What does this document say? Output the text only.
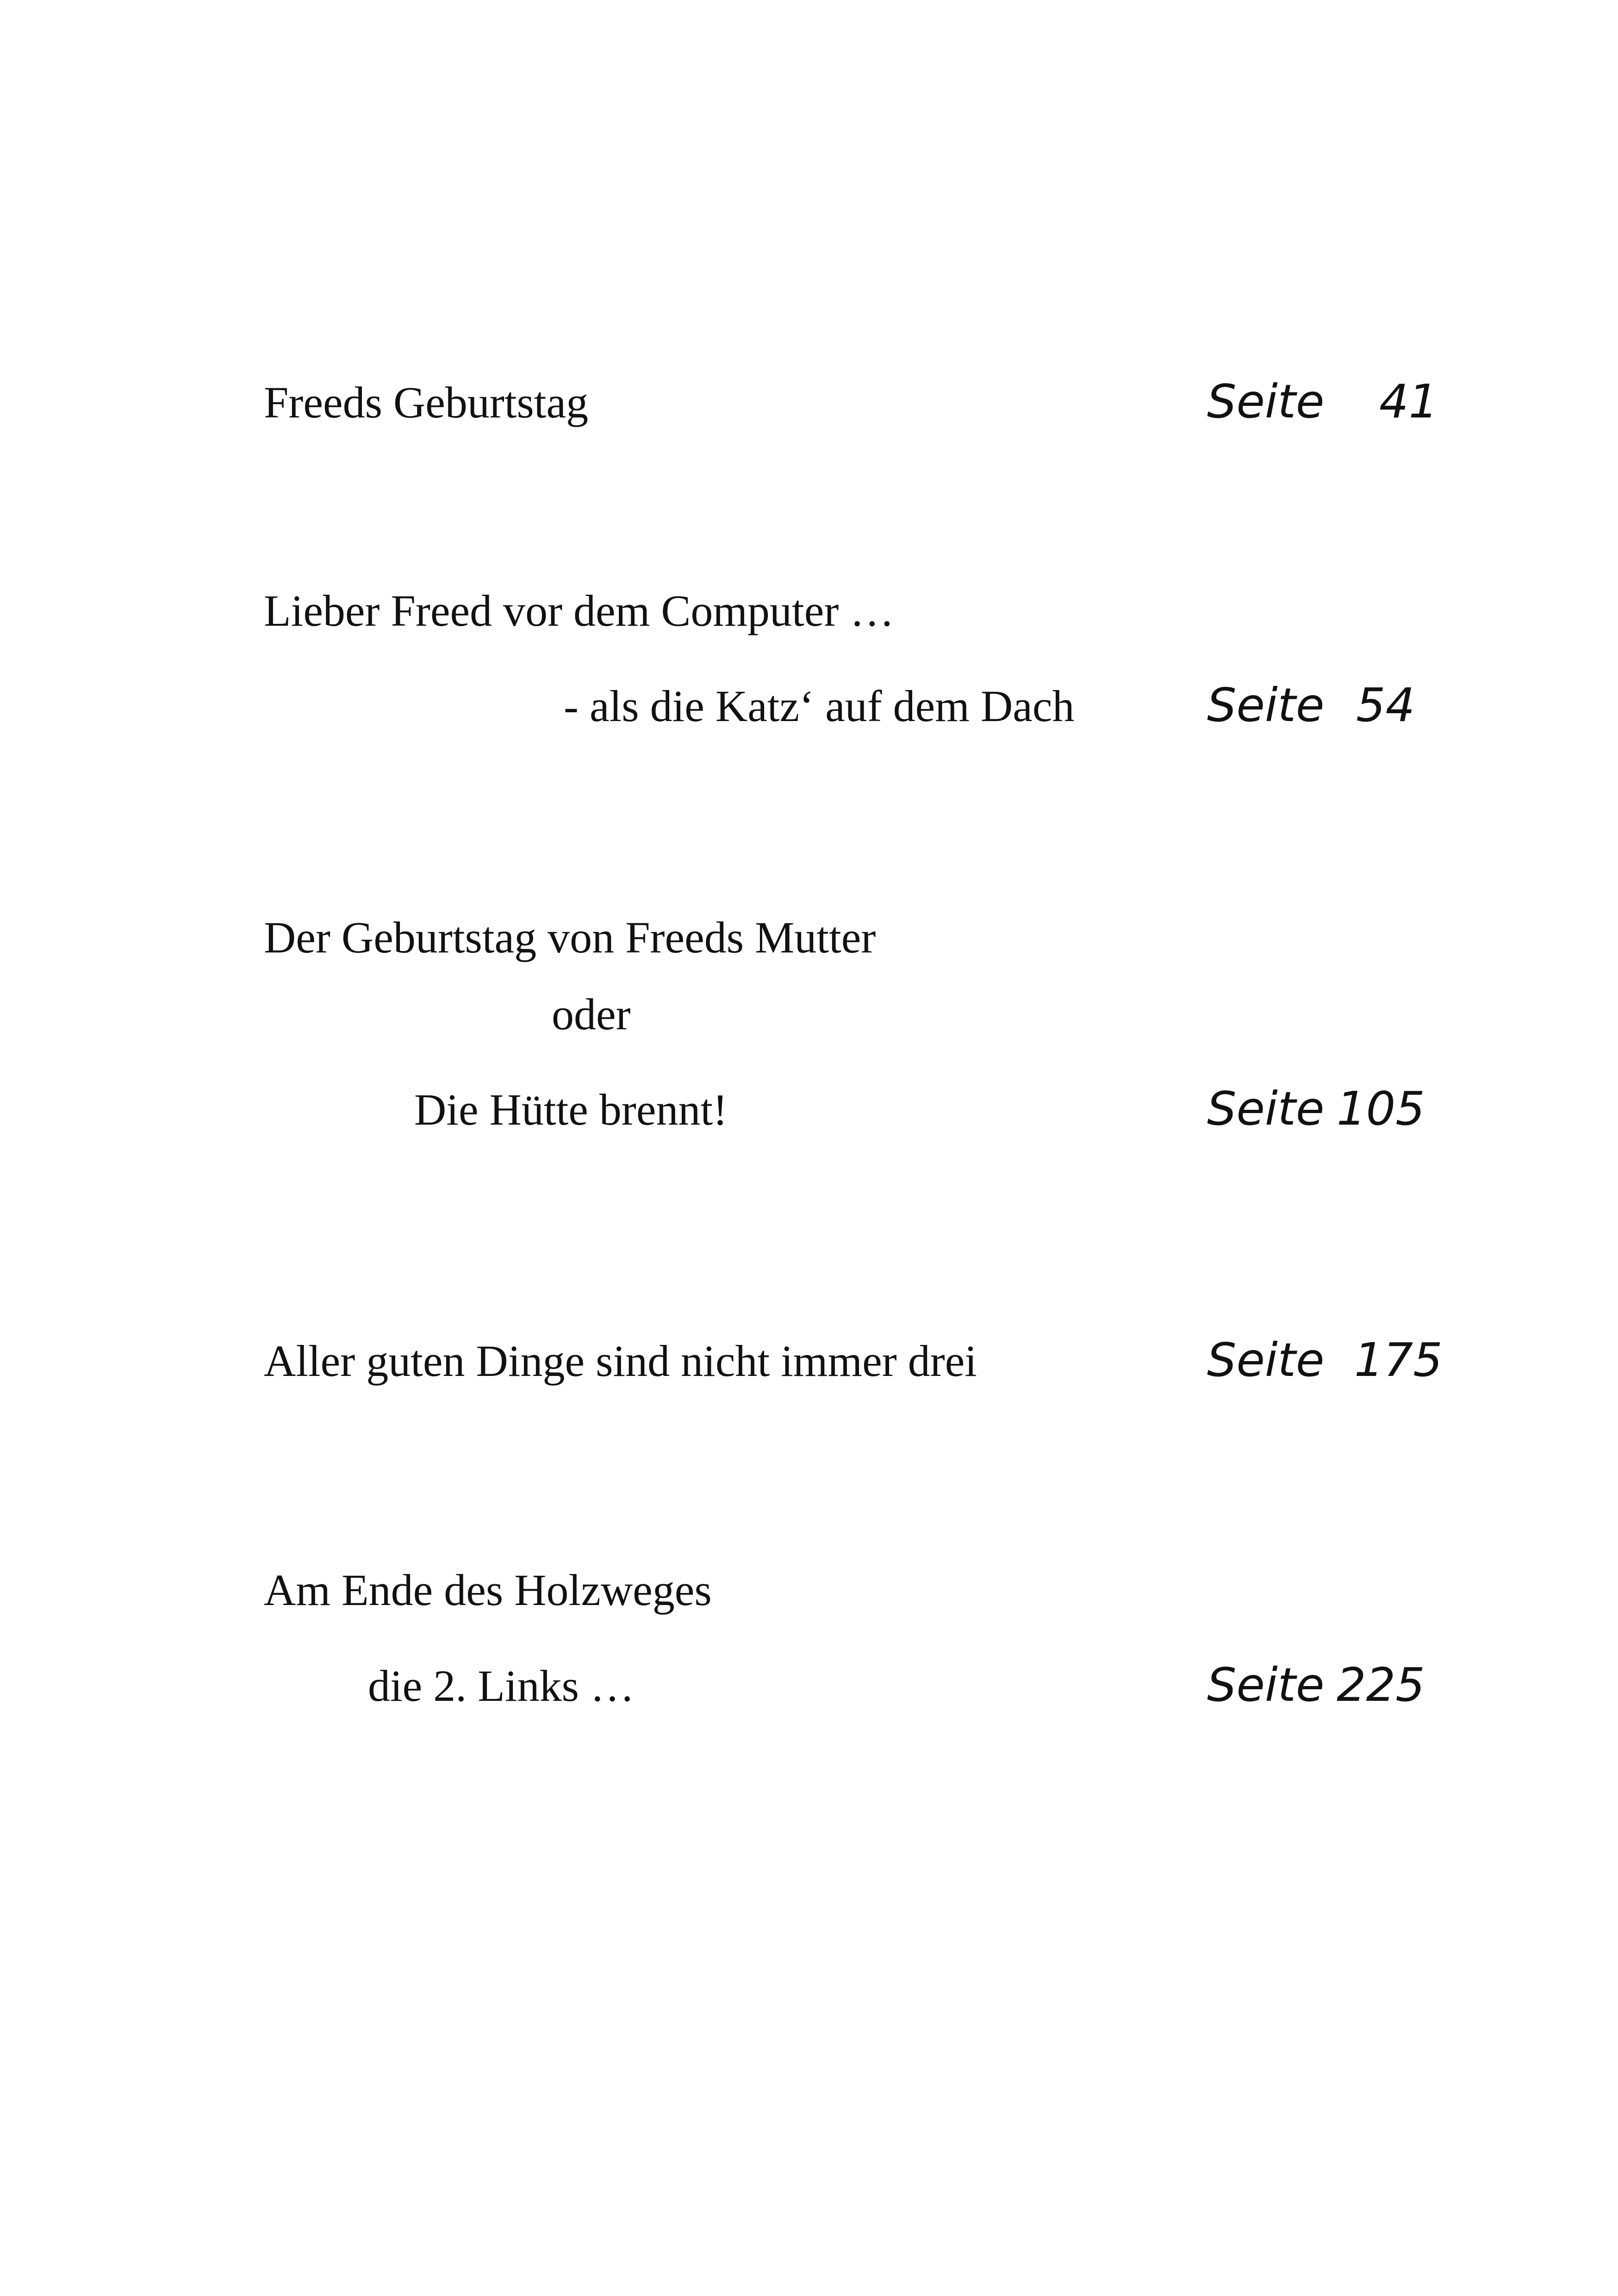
Freeds Geburtstag	Seite 41
Lieber Freed vor dem Computer …
- als die Katz‘ auf dem Dach	Seite 54
Der Geburtstag von Freeds Mutter
oder
Die Hütte brennt!	Seite 105
Aller guten Dinge sind nicht immer drei	Seite 175
Am Ende des Holzweges
die 2. Links …	Seite 225
